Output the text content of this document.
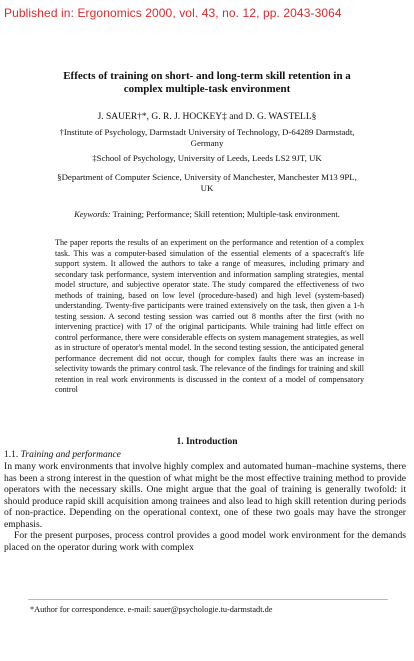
Published in: Ergonomics 2000, vol. 43, no. 12, pp. 2043-3064
Effects of training on short- and long-term skill retention in a
complex multiple-task environment
J. SAUER†*, G. R. J. HOCKEY‡ and D. G. WASTELL§
†Institute of Psychology, Darmstadt University of Technology, D-64289 Darmstadt, Germany
‡School of Psychology, University of Leeds, Leeds LS2 9JT, UK
§Department of Computer Science, University of Manchester, Manchester M13 9PL, UK
Keywords: Training; Performance; Skill retention; Multiple-task environment.

The paper reports the results of an experiment on the performance and retention of a complex task. This was a computer-based simulation of the essential elements of a spacecraft's life support system. It allowed the authors to take a range of measures, including primary and secondary task performance, system intervention and information sampling strategies, mental model structure, and subjective operator state. The study compared the effectiveness of two methods of training, based on low level (procedure-based) and high level (system-based) understanding. Twenty-five participants were trained extensively on the task, then given a 1-h testing session. A second testing session was carried out 8 months after the first (with no intervening practice) with 17 of the original participants. While training had little effect on control performance, there were considerable effects on system management strategies, as well as in structure of operator's mental model. In the second testing session, the anticipated general performance decrement did not occur, though for complex faults there was an increase in selectivity towards the primary control task. The relevance of the findings for training and skill retention in real work environments is discussed in the context of a model of compensatory control

1. Introduction
1.1. Training and performance

In many work environments that involve highly complex and automated human–machine systems, there has been a strong interest in the question of what might be the most effective training method to provide operators with the necessary skills. One might argue that the goal of training is generally twofold: it should produce rapid skill acquisition among trainees and also lead to high skill retention during periods of non-practice. Depending on the operational context, one of these two goals may have the stronger emphasis.

For the present purposes, process control provides a good model work environment for the demands placed on the operator during work with complex

*Author for correspondence. e-mail: sauer@psychologie.tu-darmstadt.de
